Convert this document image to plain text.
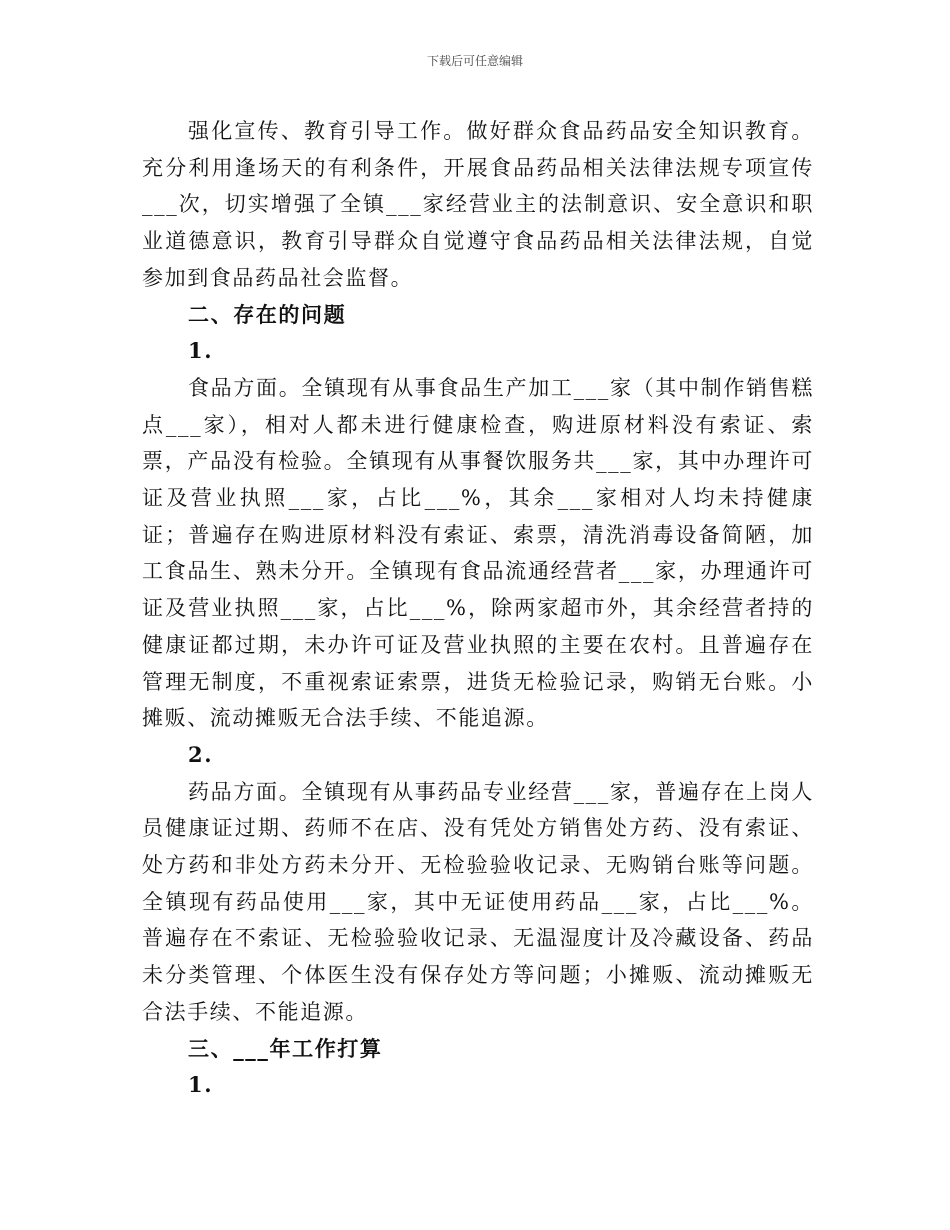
下载后可任意编辑

强化宣传、教育引导工作。做好群众食品药品安全知识教育。充分利用逢场天的有利条件，开展食品药品相关法律法规专项宣传___次，切实增强了全镇___家经营业主的法制意识、安全意识和职业道德意识，教育引导群众自觉遵守食品药品相关法律法规，自觉参加到食品药品社会监督。

二、存在的问题

1.

食品方面。全镇现有从事食品生产加工___家（其中制作销售糕点___家），相对人都未进行健康检查，购进原材料没有索证、索票，产品没有检验。全镇现有从事餐饮服务共___家，其中办理许可证及营业执照___家，占比___%，其余___家相对人均未持健康证；普遍存在购进原材料没有索证、索票，清洗消毒设备简陋，加工食品生、熟未分开。全镇现有食品流通经营者___家，办理通许可证及营业执照___家，占比___%，除两家超市外，其余经营者持的健康证都过期，未办许可证及营业执照的主要在农村。且普遍存在管理无制度，不重视索证索票，进货无检验记录，购销无台账。小摊贩、流动摊贩无合法手续、不能追源。

2.

药品方面。全镇现有从事药品专业经营___家，普遍存在上岗人员健康证过期、药师不在店、没有凭处方销售处方药、没有索证、处方药和非处方药未分开、无检验验收记录、无购销台账等问题。全镇现有药品使用___家，其中无证使用药品___家，占比___%。普遍存在不索证、无检验验收记录、无温湿度计及冷藏设备、药品未分类管理、个体医生没有保存处方等问题；小摊贩、流动摊贩无合法手续、不能追源。

三、___年工作打算

1.
